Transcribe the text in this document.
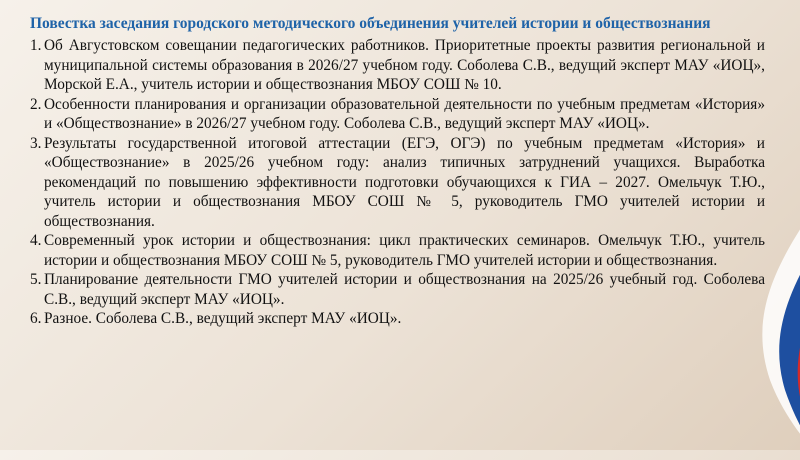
Повестка заседания городского методического объединения учителей истории и обществознания

1. Об Августовском совещании педагогических работников. Приоритетные проекты развития региональной и муниципальной системы образования в 2026/27 учебном году. Соболева С.В., ведущий эксперт МАУ «ИОЦ», Морской Е.А., учитель истории и обществознания МБОУ СОШ № 10.
2. Особенности планирования и организации образовательной деятельности по учебным предметам «История» и «Обществознание» в 2026/27 учебном году. Соболева С.В., ведущий эксперт МАУ «ИОЦ».
3. Результаты государственной итоговой аттестации (ЕГЭ, ОГЭ) по учебным предметам «История» и «Обществознание» в 2025/26 учебном году: анализ типичных затруднений учащихся. Выработка рекомендаций по повышению эффективности подготовки обучающихся к ГИА – 2027. Омельчук Т.Ю., учитель истории и обществознания МБОУ СОШ № 5, руководитель ГМО учителей истории и обществознания.
4. Современный урок истории и обществознания: цикл практических семинаров. Омельчук Т.Ю., учитель истории и обществознания МБОУ СОШ № 5, руководитель ГМО учителей истории и обществознания.
5. Планирование деятельности ГМО учителей истории и обществознания на 2025/26 учебный год. Соболева С.В., ведущий эксперт МАУ «ИОЦ».
6. Разное. Соболева С.В., ведущий эксперт МАУ «ИОЦ».
